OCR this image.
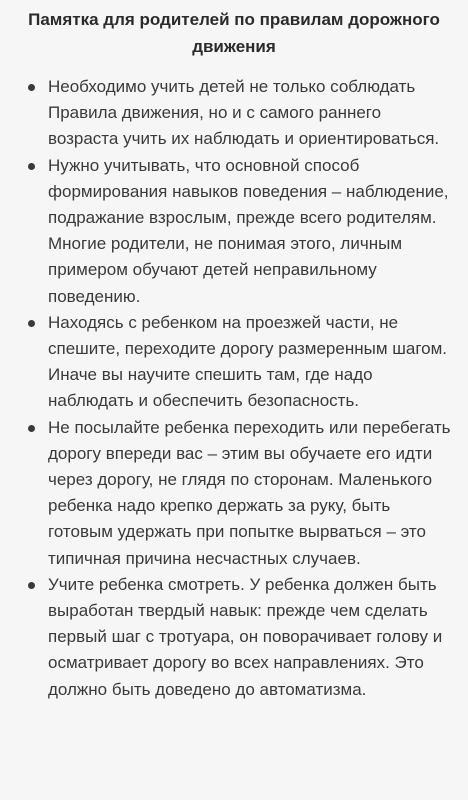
Памятка для родителей по правилам дорожного движения
Необходимо учить детей не только соблюдать Правила движения, но и с самого раннего возраста учить их наблюдать и ориентироваться.
Нужно учитывать, что основной способ формирования навыков поведения – наблюдение, подражание взрослым, прежде всего родителям. Многие родители, не понимая этого, личным примером обучают детей неправильному поведению.
Находясь с ребенком на проезжей части, не спешите, переходите дорогу размеренным шагом. Иначе вы научите спешить там, где надо наблюдать и обеспечить безопасность.
Не посылайте ребенка переходить или перебегать дорогу впереди вас – этим вы обучаете его идти через дорогу, не глядя по сторонам. Маленького ребенка надо крепко держать за руку, быть готовым удержать при попытке вырваться – это типичная причина несчастных случаев.
Учите ребенка смотреть. У ребенка должен быть выработан твердый навык: прежде чем сделать первый шаг с тротуара, он поворачивает голову и осматривает дорогу во всех направлениях. Это должно быть доведено до автоматизма.
